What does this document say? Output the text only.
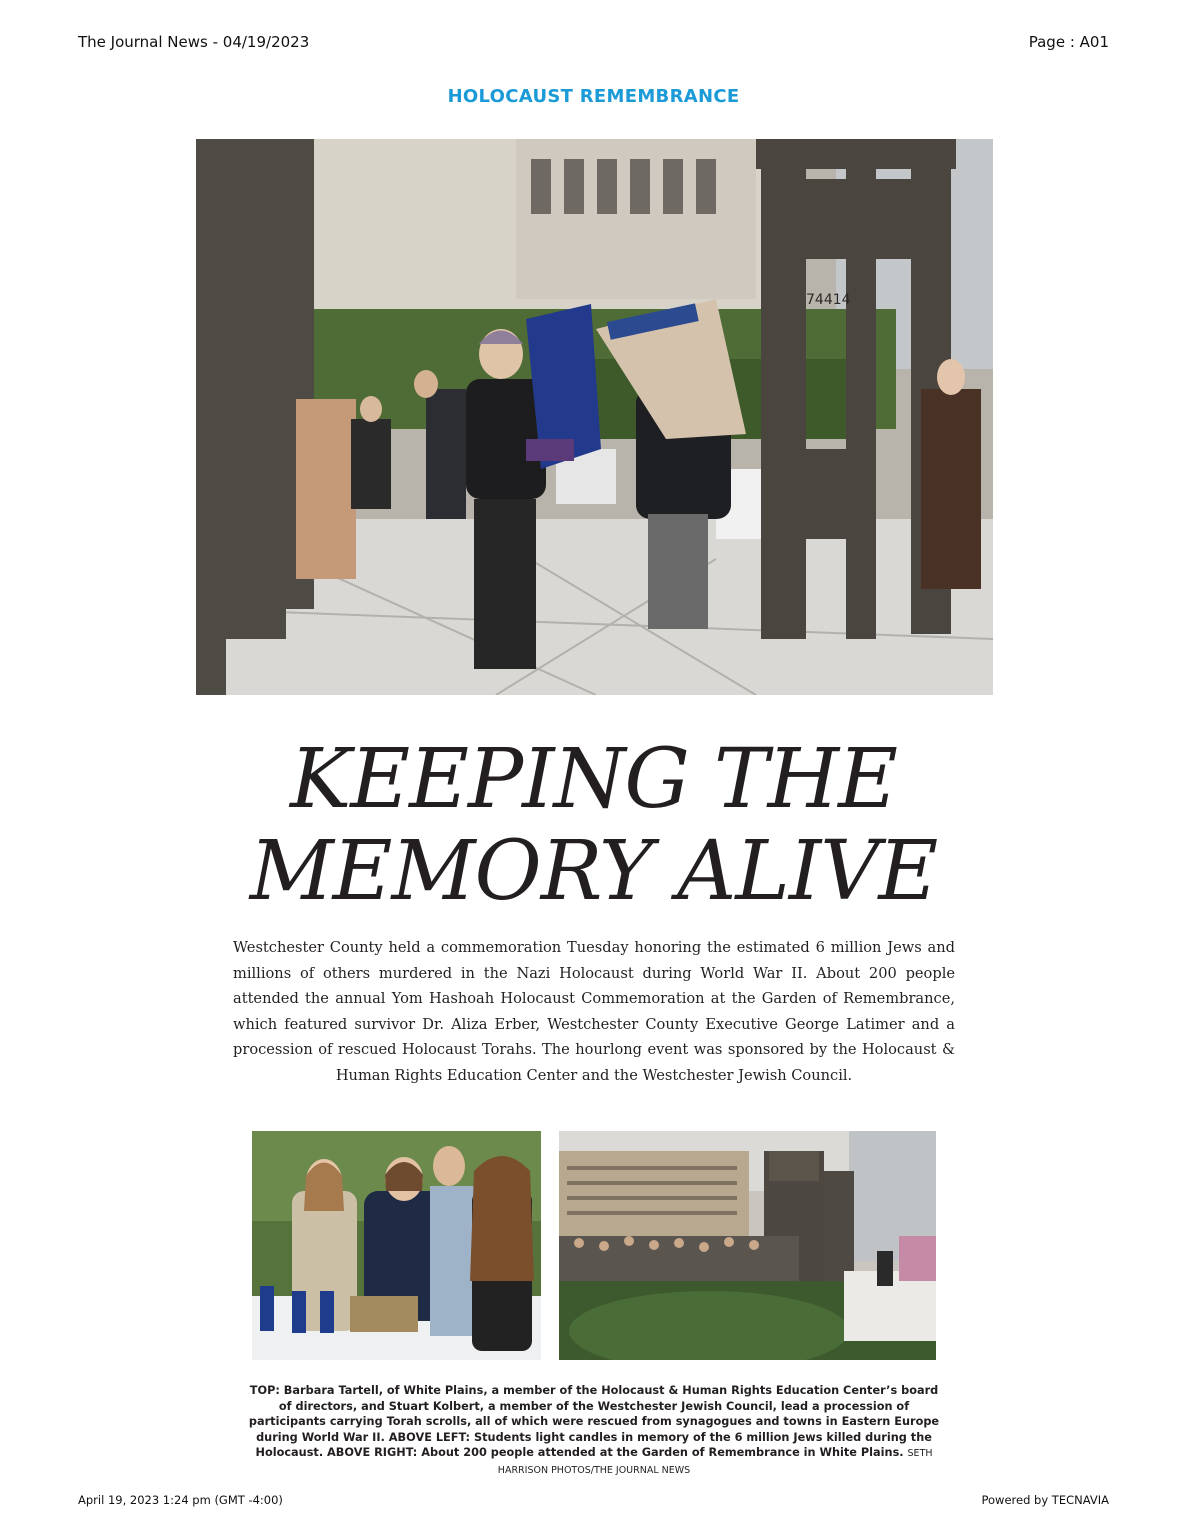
The Journal News - 04/19/2023	Page : A01
HOLOCAUST REMEMBRANCE
74414
KEEPING THE
MEMORY ALIVE

Westchester County held a commemoration Tuesday honoring the estimated 6 million Jews and millions of others murdered in the Nazi Holocaust during World War II. About 200 people attended the annual Yom Hashoah Holocaust Commemoration at the Garden of Remembrance, which featured survivor Dr. Aliza Erber, Westchester County Executive George Latimer and a procession of rescued Holocaust Torahs. The hourlong event was sponsored by the Holocaust & Human Rights Education Center and the Westchester Jewish Council.

TOP: Barbara Tartell, of White Plains, a member of the Holocaust & Human Rights Education Center’s board of directors, and Stuart Kolbert, a member of the Westchester Jewish Council, lead a procession of participants carrying Torah scrolls, all of which were rescued from synagogues and towns in Eastern Europe during World War II. ABOVE LEFT: Students light candles in memory of the 6 million Jews killed during the Holocaust. ABOVE RIGHT: About 200 people attended at the Garden of Remembrance in White Plains. SETH HARRISON PHOTOS/THE JOURNAL NEWS

April 19, 2023 1:24 pm (GMT -4:00)	Powered by TECNAVIA
